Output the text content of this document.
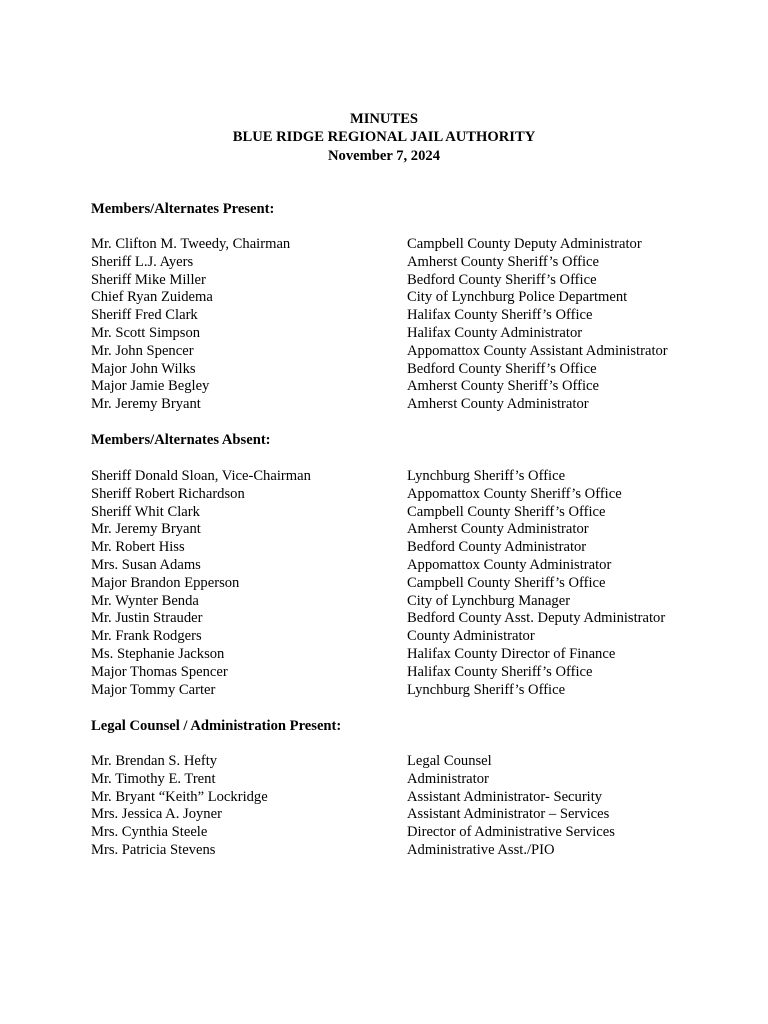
MINUTES
BLUE RIDGE REGIONAL JAIL AUTHORITY
November 7, 2024
Members/Alternates Present:
Mr. Clifton M. Tweedy, Chairman	Campbell County Deputy Administrator
Sheriff L.J. Ayers	Amherst County Sheriff’s Office
Sheriff Mike Miller	Bedford County Sheriff’s Office
Chief Ryan Zuidema	City of Lynchburg Police Department
Sheriff Fred Clark	Halifax County Sheriff’s Office
Mr. Scott Simpson	Halifax County Administrator
Mr. John Spencer	Appomattox County Assistant Administrator
Major John Wilks	Bedford County Sheriff’s Office
Major Jamie Begley	Amherst County Sheriff’s Office
Mr. Jeremy Bryant	Amherst County Administrator
Members/Alternates Absent:
Sheriff Donald Sloan, Vice-Chairman	Lynchburg Sheriff’s Office
Sheriff Robert Richardson	Appomattox County Sheriff’s Office
Sheriff Whit Clark	Campbell County Sheriff’s Office
Mr. Jeremy Bryant	Amherst County Administrator
Mr. Robert Hiss	Bedford County Administrator
Mrs. Susan Adams	Appomattox County Administrator
Major Brandon Epperson	Campbell County Sheriff’s Office
Mr. Wynter Benda	City of Lynchburg Manager
Mr. Justin Strauder	Bedford County Asst. Deputy Administrator
Mr. Frank Rodgers	County Administrator
Ms. Stephanie Jackson	Halifax County Director of Finance
Major Thomas Spencer	Halifax County Sheriff’s Office
Major Tommy Carter	Lynchburg Sheriff’s Office
Legal Counsel / Administration Present:
Mr. Brendan S. Hefty	Legal Counsel
Mr. Timothy E. Trent	Administrator
Mr. Bryant “Keith” Lockridge	Assistant Administrator- Security
Mrs. Jessica A. Joyner	Assistant Administrator – Services
Mrs. Cynthia Steele	Director of Administrative Services
Mrs. Patricia Stevens	Administrative Asst./PIO
